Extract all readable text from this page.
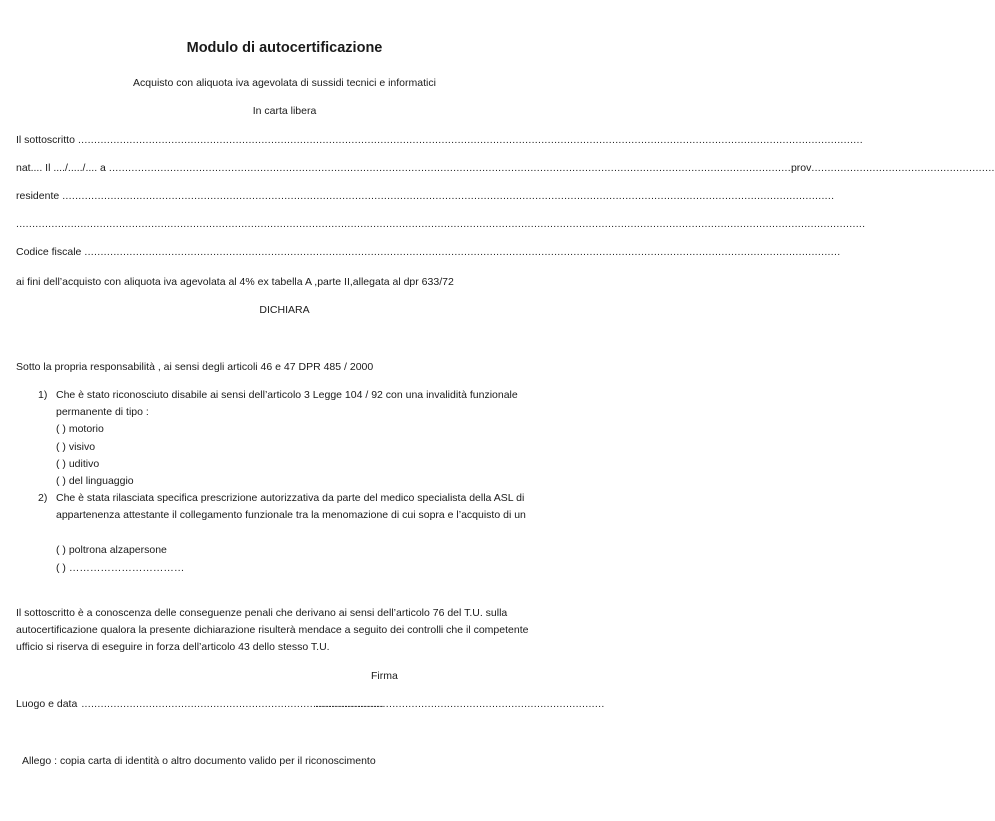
Modulo di autocertificazione
Acquisto con aliquota iva agevolata di sussidi tecnici e informatici
In carta libera
Il sottoscritto ....................................................................................................................................................................................................................................................
nat.... Il ..../...../.... a .................................................................................................................................................................................................................... prov .........................................................
residente ................................................................................................................................................................................................................................................
........................................................................................................................................................................................................................................................................
Codice fiscale ...........................................................................................................................................................................................................................................
ai fini dell’acquisto con aliquota iva agevolata al 4% ex tabella A ,parte II,allegata al dpr 633/72
DICHIARA
Sotto la propria responsabilità , ai sensi degli articoli 46 e 47 DPR 485 / 2000
1) Che è stato riconosciuto disabile ai sensi dell’articolo 3 Legge 104 / 92 con una invalidità funzionale permanente di tipo :
( ) motorio
( ) visivo
( ) uditivo
( ) del linguaggio
2) Che è stata rilasciata specifica prescrizione autorizzativa da parte del medico specialista della ASL di appartenenza attestante il collegamento funzionale tra la menomazione di cui sopra e l’acquisto di un
( ) poltrona alzapersone
( ) ……………………………
Il sottoscritto è a conoscenza delle conseguenze penali che derivano ai sensi dell’articolo 76 del T.U. sulla autocertificazione qualora la presente dichiarazione risulterà mendace a seguito dei controlli che il competente ufficio si riserva di eseguire in forza dell’articolo 43 dello stesso T.U.
Firma
Luogo e data ..............................................................................................
..........................................................................................
Allego : copia carta di identità o altro documento valido per il riconoscimento
